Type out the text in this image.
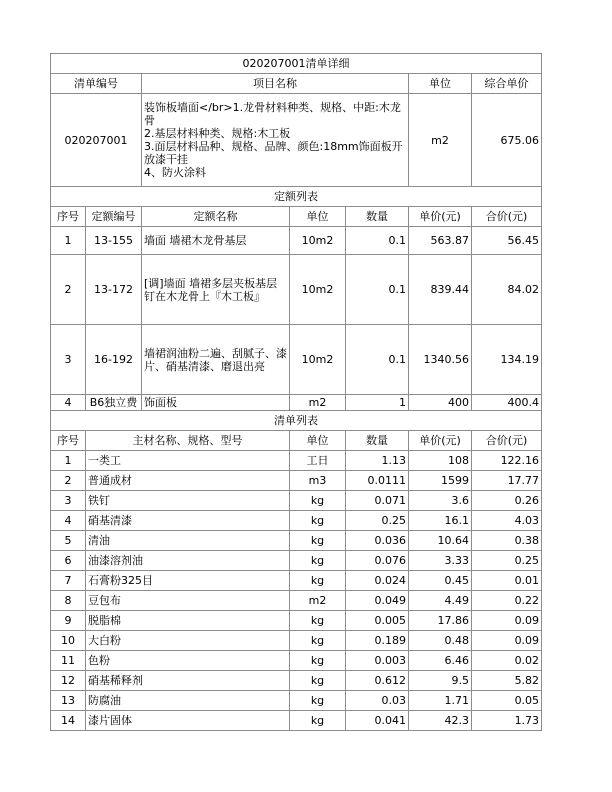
020207001清单详细			
清单编号	项目名称	单位	综合单价
020207001	装饰板墙面</br>1.龙骨材料种类、规格、中距:木龙骨
2.基层材料种类、规格:木工板
3.面层材料品种、规格、品牌、颜色:18mm饰面板开放漆干挂
4、防火涂料	m2	675.06
定额列表						
序号	定额编号	定额名称	单位	数量	单价(元)	合价(元)
1	13-155	墙面 墙裙木龙骨基层	10m2	0.1	563.87	56.45
2	13-172	[调]墙面 墙裙多层夹板基层钉在木龙骨上『木工板』	10m2	0.1	839.44	84.02
3	16-192	墙裙润油粉二遍、刮腻子、漆片、硝基清漆、磨退出亮	10m2	0.1	1340.56	134.19
4	B6独立费	饰面板	m2	1	400	400.4
清单列表					
序号	主材名称、规格、型号	单位	数量	单价(元)	合价(元)
1	一类工	工日	1.13	108	122.16
2	普通成材	m3	0.0111	1599	17.77
3	铁钉	kg	0.071	3.6	0.26
4	硝基清漆	kg	0.25	16.1	4.03
5	清油	kg	0.036	10.64	0.38
6	油漆溶剂油	kg	0.076	3.33	0.25
7	石膏粉325目	kg	0.024	0.45	0.01
8	豆包布	m2	0.049	4.49	0.22
9	脱脂棉	kg	0.005	17.86	0.09
10	大白粉	kg	0.189	0.48	0.09
11	色粉	kg	0.003	6.46	0.02
12	硝基稀释剂	kg	0.612	9.5	5.82
13	防腐油	kg	0.03	1.71	0.05
14	漆片固体	kg	0.041	42.3	1.73
